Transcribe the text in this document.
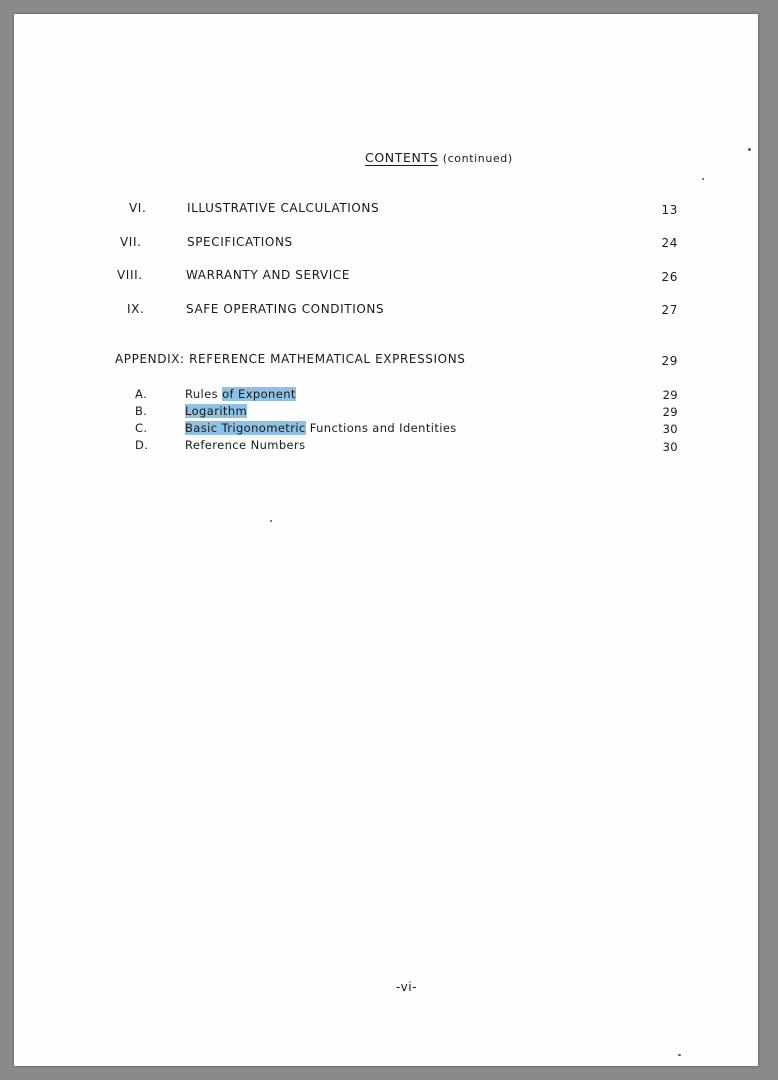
CONTENTS (continued)
VI.	ILLUSTRATIVE CALCULATIONS	13
VII.	SPECIFICATIONS	24
VIII.	WARRANTY AND SERVICE	26
IX.	SAFE OPERATING CONDITIONS	27
APPENDIX: REFERENCE MATHEMATICAL EXPRESSIONS	29
A.	Rules of Exponent	29
B.	Logarithm	29
C.	Basic Trigonometric Functions and Identities	30
D.	Reference Numbers	30
-vi-
